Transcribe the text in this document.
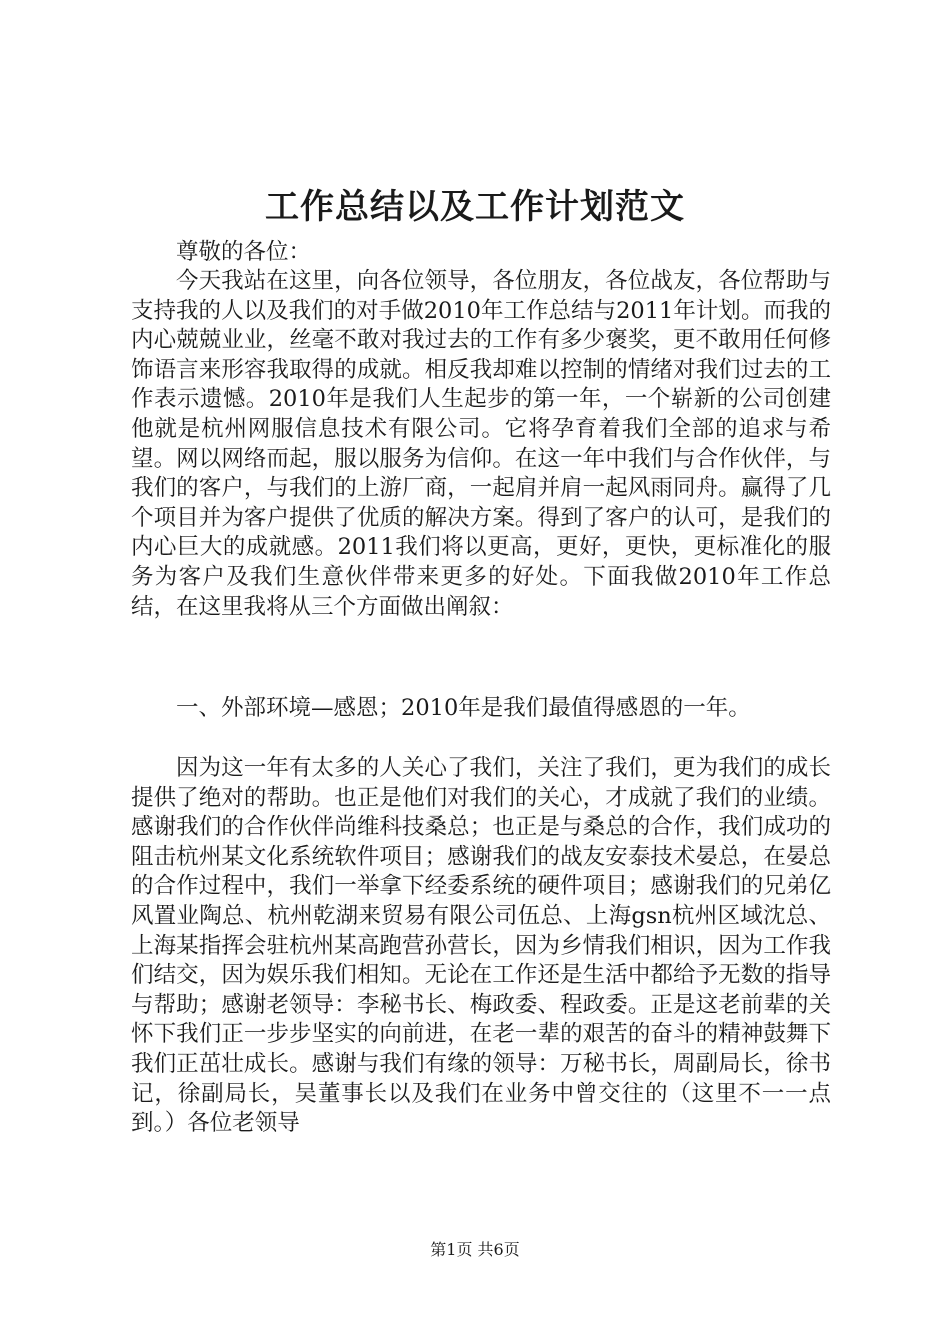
工作总结以及工作计划范文

尊敬的各位：

今天我站在这里，向各位领导，各位朋友，各位战友，各位帮助与支持我的人以及我们的对手做2010年工作总结与2011年计划。而我的内心兢兢业业，丝毫不敢对我过去的工作有多少褒奖，更不敢用任何修饰语言来形容我取得的成就。相反我却难以控制的情绪对我们过去的工作表示遗憾。2010年是我们人生起步的第一年，一个崭新的公司创建他就是杭州网服信息技术有限公司。它将孕育着我们全部的追求与希望。网以网络而起，服以服务为信仰。在这一年中我们与合作伙伴，与我们的客户，与我们的上游厂商，一起肩并肩一起风雨同舟。赢得了几个项目并为客户提供了优质的解决方案。得到了客户的认可，是我们的内心巨大的成就感。2011我们将以更高，更好，更快，更标准化的服务为客户及我们生意伙伴带来更多的好处。下面我做2010年工作总结，在这里我将从三个方面做出阐叙：

一、外部环境—感恩；2010年是我们最值得感恩的一年。

因为这一年有太多的人关心了我们，关注了我们，更为我们的成长提供了绝对的帮助。也正是他们对我们的关心，才成就了我们的业绩。感谢我们的合作伙伴尚维科技桑总；也正是与桑总的合作，我们成功的阻击杭州某文化系统软件项目；感谢我们的战友安泰技术晏总，在晏总的合作过程中，我们一举拿下经委系统的硬件项目；感谢我们的兄弟亿风置业陶总、杭州乾湖来贸易有限公司伍总、上海gsn杭州区域沈总、上海某指挥会驻杭州某高跑营孙营长，因为乡情我们相识，因为工作我们结交，因为娱乐我们相知。无论在工作还是生活中都给予无数的指导与帮助；感谢老领导：李秘书长、梅政委、程政委。正是这老前辈的关怀下我们正一步步坚实的向前进，在老一辈的艰苦的奋斗的精神鼓舞下我们正茁壮成长。感谢与我们有缘的领导：万秘书长，周副局长，徐书记，徐副局长，吴董事长以及我们在业务中曾交往的（这里不一一点到。）各位老领导

第1页 共6页
